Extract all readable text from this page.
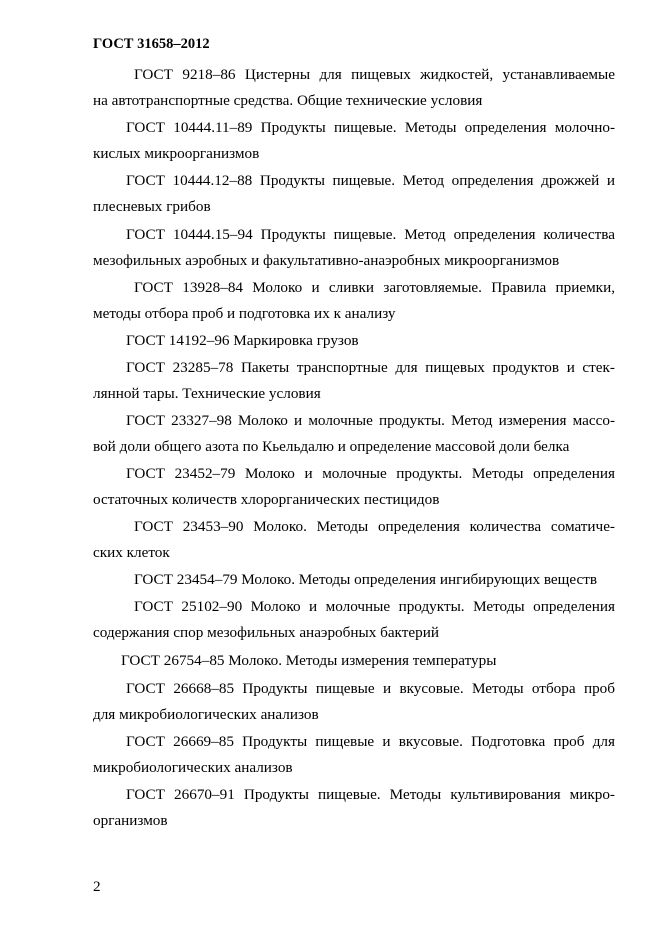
ГОСТ 31658–2012
ГОСТ 9218–86 Цистерны для пищевых жидкостей, устанавливаемые
на автотранспортные средства. Общие технические условия
ГОСТ 10444.11–89 Продукты пищевые. Методы определения молочно-
кислых микроорганизмов
ГОСТ 10444.12–88 Продукты пищевые. Метод определения дрожжей и
плесневых грибов
ГОСТ 10444.15–94 Продукты пищевые. Метод определения количества
мезофильных аэробных и факультативно-анаэробных микроорганизмов
ГОСТ 13928–84 Молоко и сливки заготовляемые. Правила приемки,
методы отбора проб и подготовка их к анализу
ГОСТ 14192–96 Маркировка грузов
ГОСТ 23285–78 Пакеты транспортные для пищевых продуктов и стек-
лянной тары. Технические условия
ГОСТ 23327–98 Молоко и молочные продукты. Метод измерения массо-
вой доли общего азота по Кьельдалю и определение массовой доли белка
ГОСТ 23452–79 Молоко и молочные продукты. Методы определения
остаточных количеств хлорорганических пестицидов
ГОСТ 23453–90 Молоко. Методы определения количества соматиче-
ских клеток
ГОСТ 23454–79 Молоко. Методы определения ингибирующих веществ
ГОСТ 25102–90 Молоко и молочные продукты. Методы определения
содержания спор мезофильных анаэробных бактерий
ГОСТ 26754–85 Молоко. Методы измерения температуры
ГОСТ 26668–85 Продукты пищевые и вкусовые. Методы отбора проб
для микробиологических анализов
ГОСТ 26669–85 Продукты пищевые и вкусовые. Подготовка проб для
микробиологических анализов
ГОСТ 26670–91 Продукты пищевые. Методы культивирования микро-
организмов
2
